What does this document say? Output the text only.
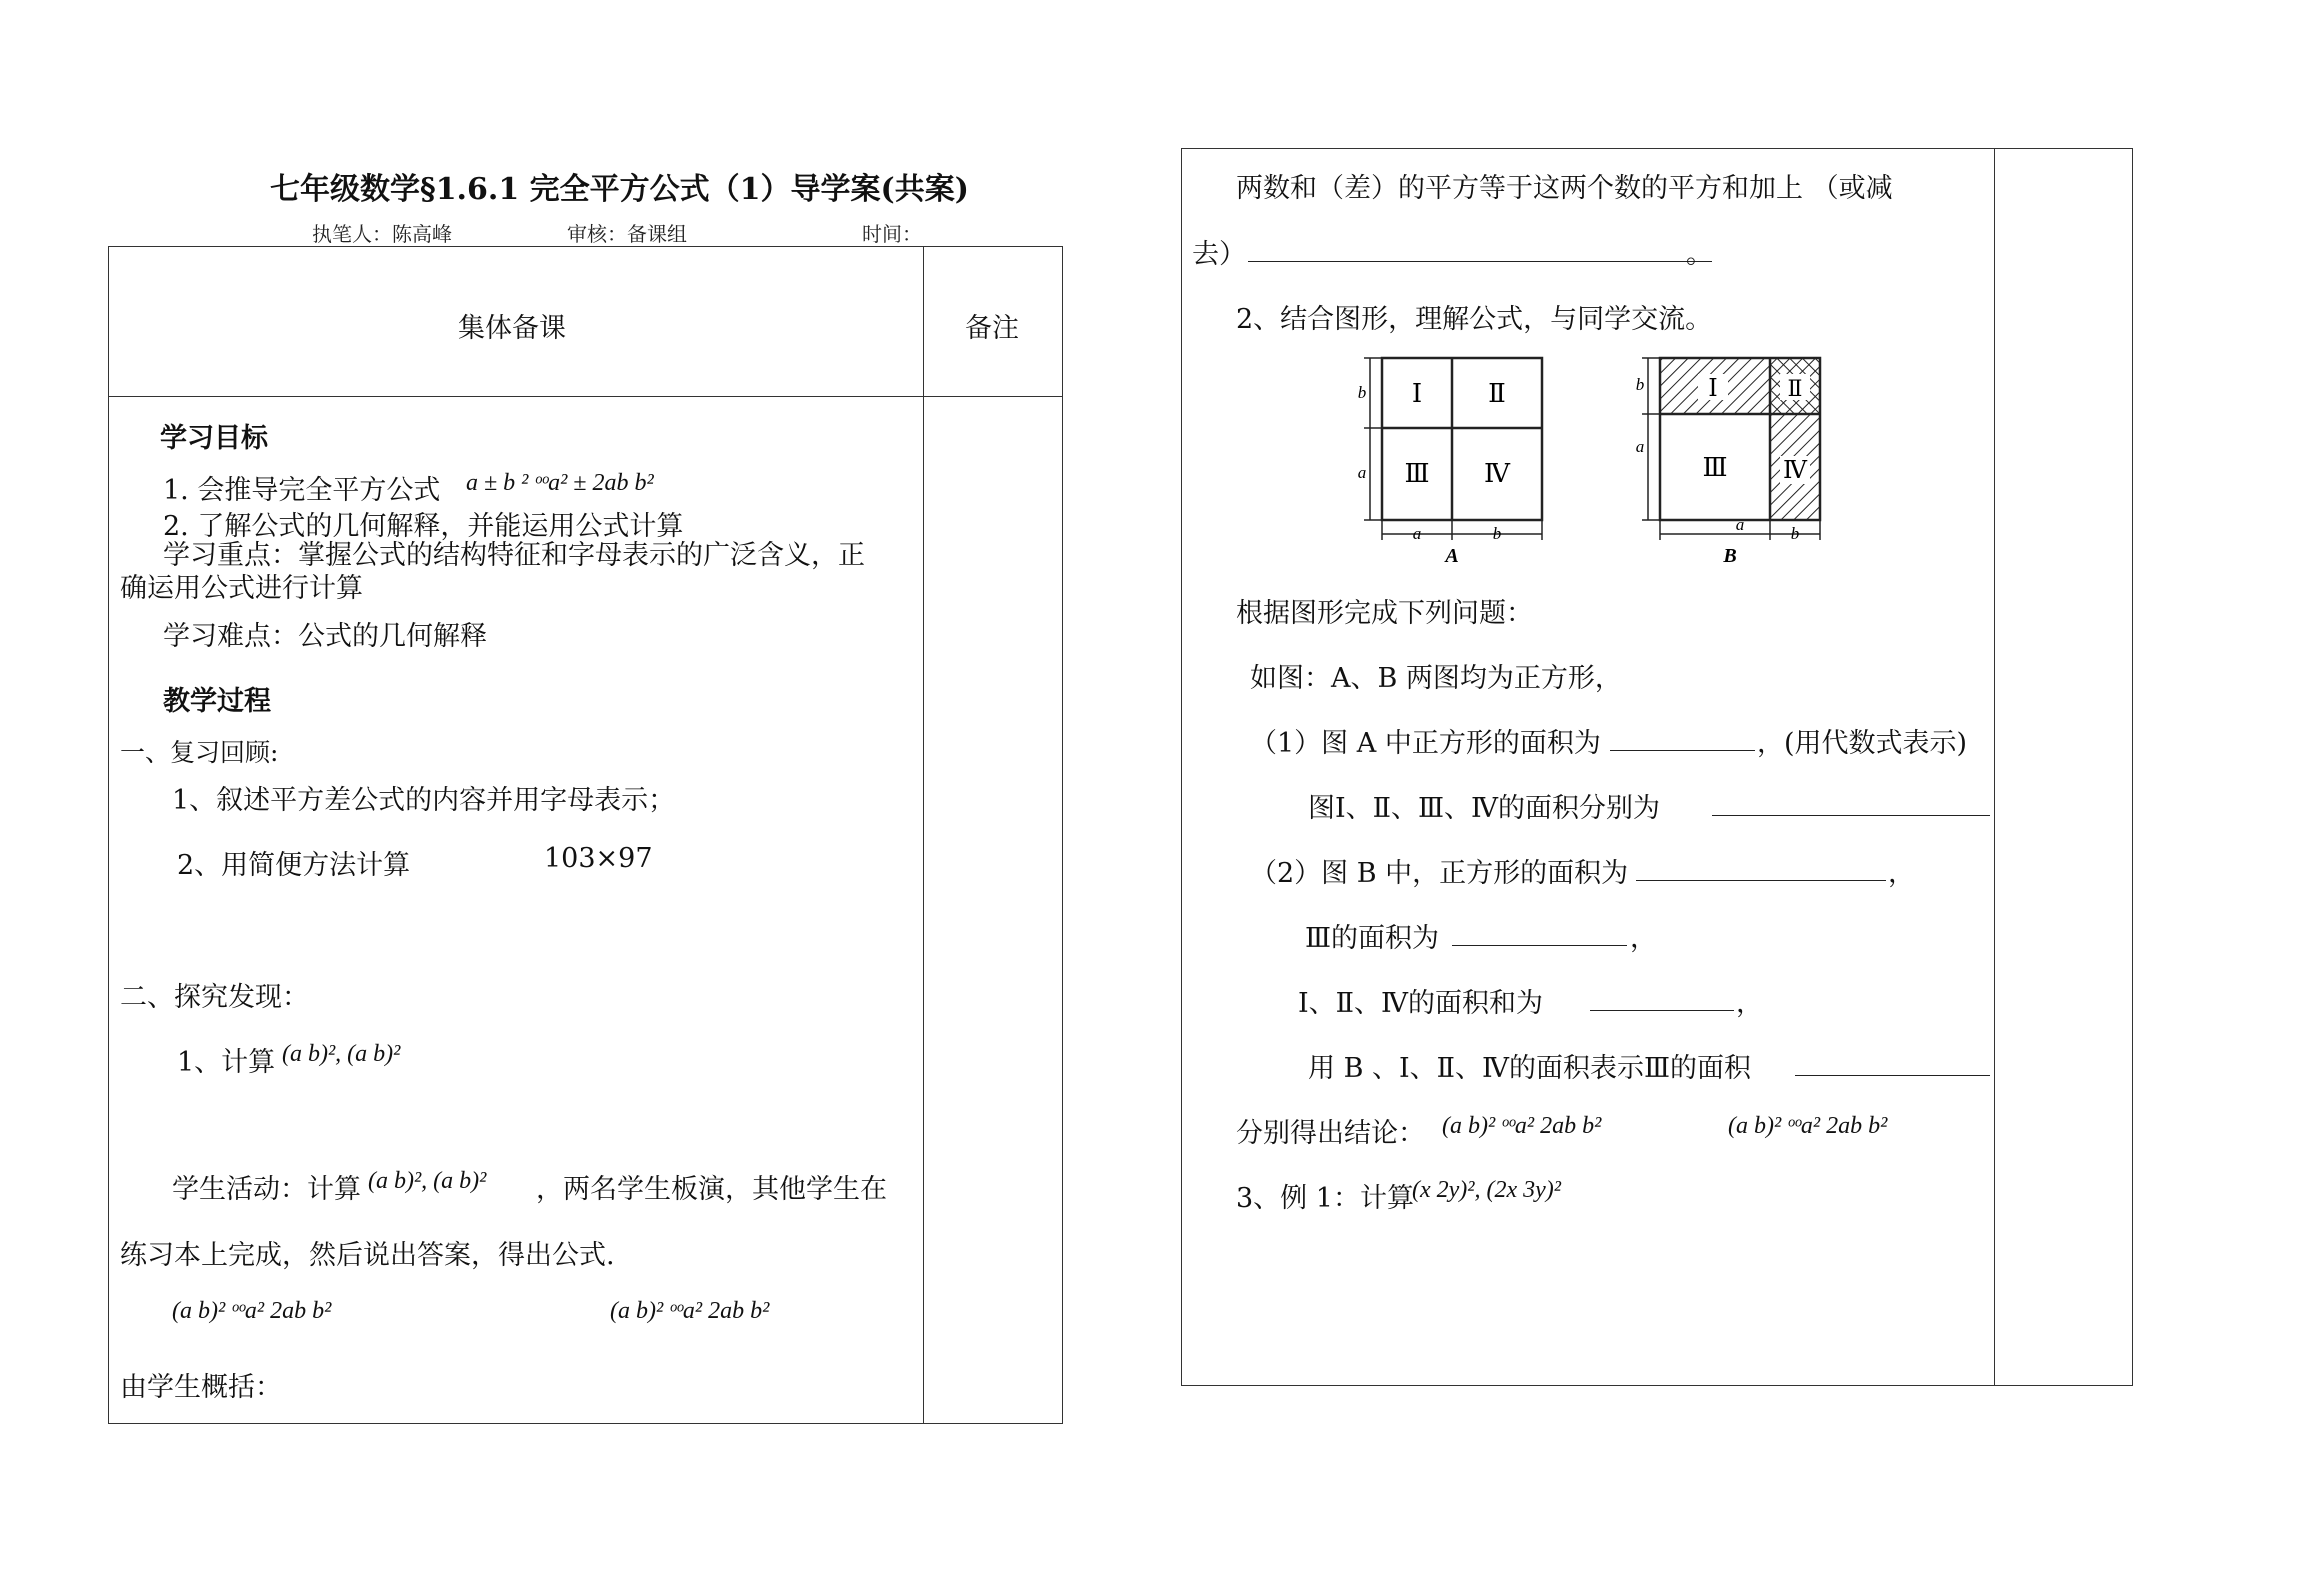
七年级数学§1.6.1 完全平方公式（1）导学案(共案)
执笔人：陈高峰	审核：备课组	时间：
集体备课	备注
学习目标
1. 会推导完全平方公式 a ± b ² ᵒᵒa² ± 2ab b²
2. 了解公式的几何解释，并能运用公式计算
学习重点：掌握公式的结构特征和字母表示的广泛含义，正
确运用公式进行计算
学习难点：公式的几何解释
教学过程
一、复习回顾:
1、叙述平方差公式的内容并用字母表示；
2、用简便方法计算	103×97
二、探究发现：
1、计算 (a b)², (a b)²
学生活动：计算 (a b)², (a b)² ，两名学生板演，其他学生在
练习本上完成，然后说出答案，得出公式.
(a b)² ᵒᵒa² 2ab b²	(a b)² ᵒᵒa² 2ab b²
由学生概括：
两数和（差）的平方等于这两个数的平方和加上 （或减
去）	。
2、结合图形，理解公式，与同学交流。
Ⅰ	Ⅱ
Ⅲ Ⅳ
b
a
a	b
A
Ⅰ	Ⅱ
Ⅲ Ⅳ
b
a
a	b
B
根据图形完成下列问题：
如图：A、B 两图均为正方形，
（1）图 A 中正方形的面积为	，(用代数式表示)
图Ⅰ、Ⅱ、Ⅲ、Ⅳ的面积分别为
（2）图 B 中，正方形的面积为	，
Ⅲ的面积为	，
Ⅰ、Ⅱ、Ⅳ的面积和为	，
用 B 、Ⅰ、Ⅱ、Ⅳ的面积表示Ⅲ的面积
分别得出结论： (a b)² ᵒᵒa² 2ab b²	(a b)² ᵒᵒa² 2ab b²
3、例 1：计算
(x 2y)², (2x 3y)²
